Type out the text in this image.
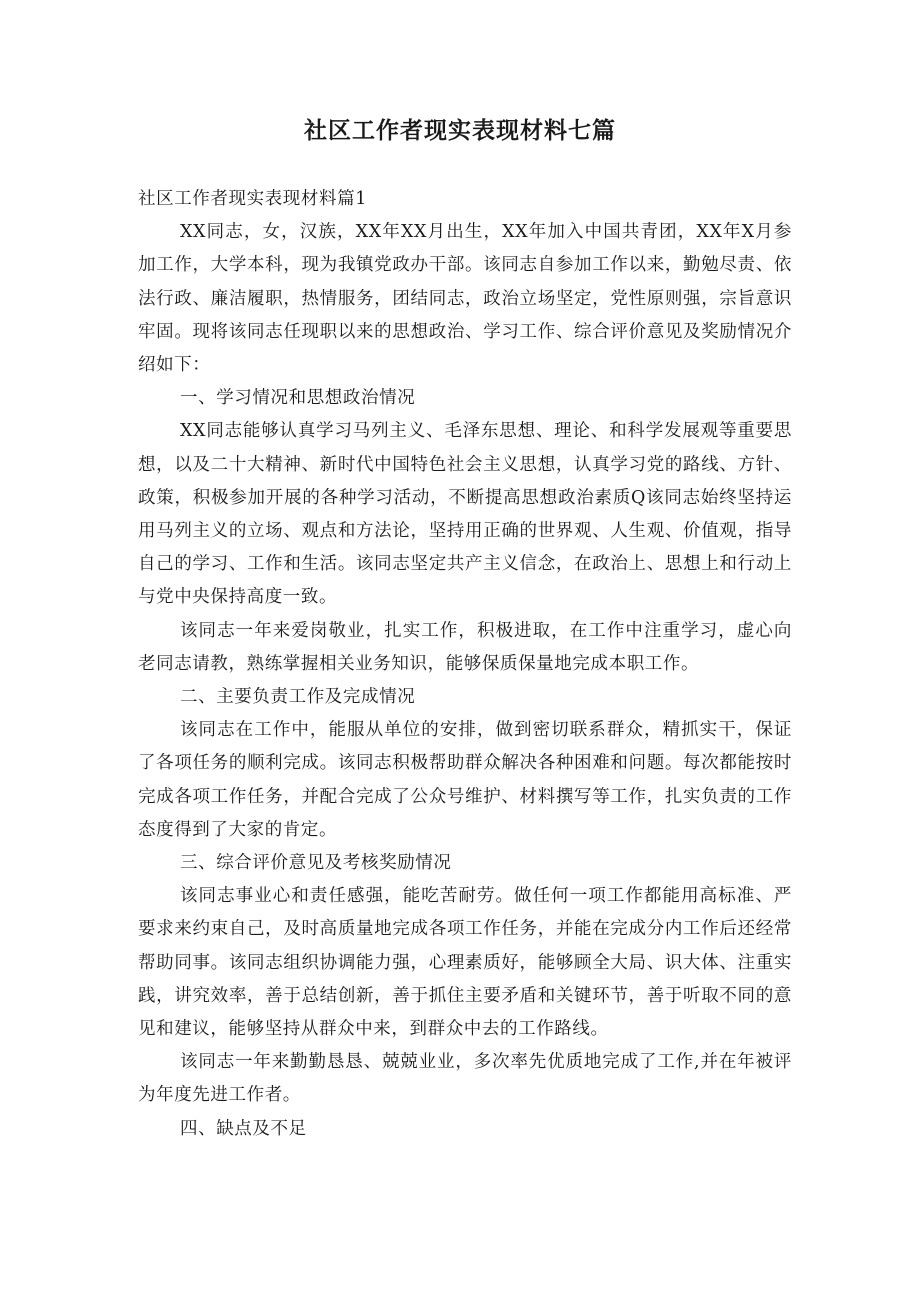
社区工作者现实表现材料七篇

社区工作者现实表现材料篇1

XX同志，女，汉族，XX年XX月出生，XX年加入中国共青团，XX年X月参加工作，大学本科，现为我镇党政办干部。该同志自参加工作以来，勤勉尽责、依法行政、廉洁履职，热情服务，团结同志，政治立场坚定，党性原则强，宗旨意识牢固。现将该同志任现职以来的思想政治、学习工作、综合评价意见及奖励情况介绍如下：

一、学习情况和思想政治情况

XX同志能够认真学习马列主义、毛泽东思想、理论、和科学发展观等重要思想，以及二十大精神、新时代中国特色社会主义思想，认真学习党的路线、方针、政策，积极参加开展的各种学习活动，不断提高思想政治素质Q该同志始终坚持运用马列主义的立场、观点和方法论，坚持用正确的世界观、人生观、价值观，指导自己的学习、工作和生活。该同志坚定共产主义信念，在政治上、思想上和行动上与党中央保持高度一致。

该同志一年来爱岗敬业，扎实工作，积极进取，在工作中注重学习，虚心向老同志请教，熟练掌握相关业务知识，能够保质保量地完成本职工作。

二、主要负责工作及完成情况

该同志在工作中，能服从单位的安排，做到密切联系群众，精抓实干，保证了各项任务的顺利完成。该同志积极帮助群众解决各种困难和问题。每次都能按时完成各项工作任务，并配合完成了公众号维护、材料撰写等工作，扎实负责的工作态度得到了大家的肯定。

三、综合评价意见及考核奖励情况

该同志事业心和责任感强，能吃苦耐劳。做任何一项工作都能用高标准、严要求来约束自己，及时高质量地完成各项工作任务，并能在完成分内工作后还经常帮助同事。该同志组织协调能力强，心理素质好，能够顾全大局、识大体、注重实践，讲究效率，善于总结创新，善于抓住主要矛盾和关键环节，善于听取不同的意见和建议，能够坚持从群众中来，到群众中去的工作路线。

该同志一年来勤勤恳恳、兢兢业业，多次率先优质地完成了工作,并在年被评为年度先进工作者。

四、缺点及不足
